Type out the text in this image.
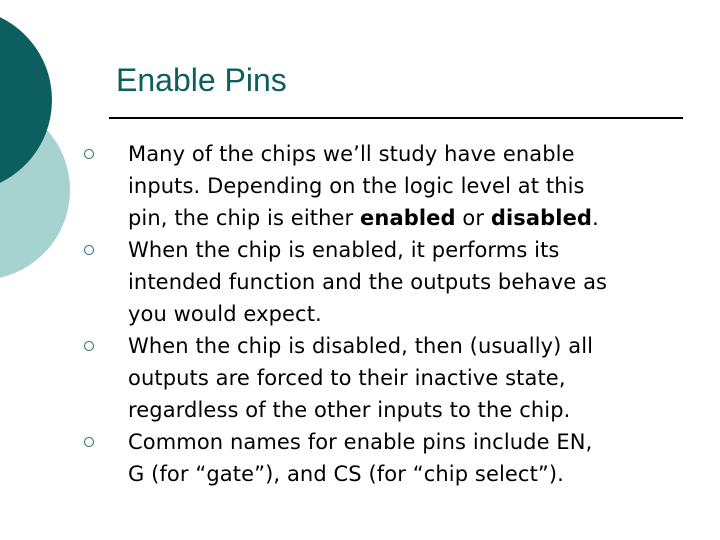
Enable Pins
Many of the chips we’ll study have enable
inputs. Depending on the logic level at this
pin, the chip is either enabled or disabled.
When the chip is enabled, it performs its
intended function and the outputs behave as
you would expect.
When the chip is disabled, then (usually) all
outputs are forced to their inactive state,
regardless of the other inputs to the chip.
Common names for enable pins include EN,
G (for “gate”), and CS (for “chip select”).
